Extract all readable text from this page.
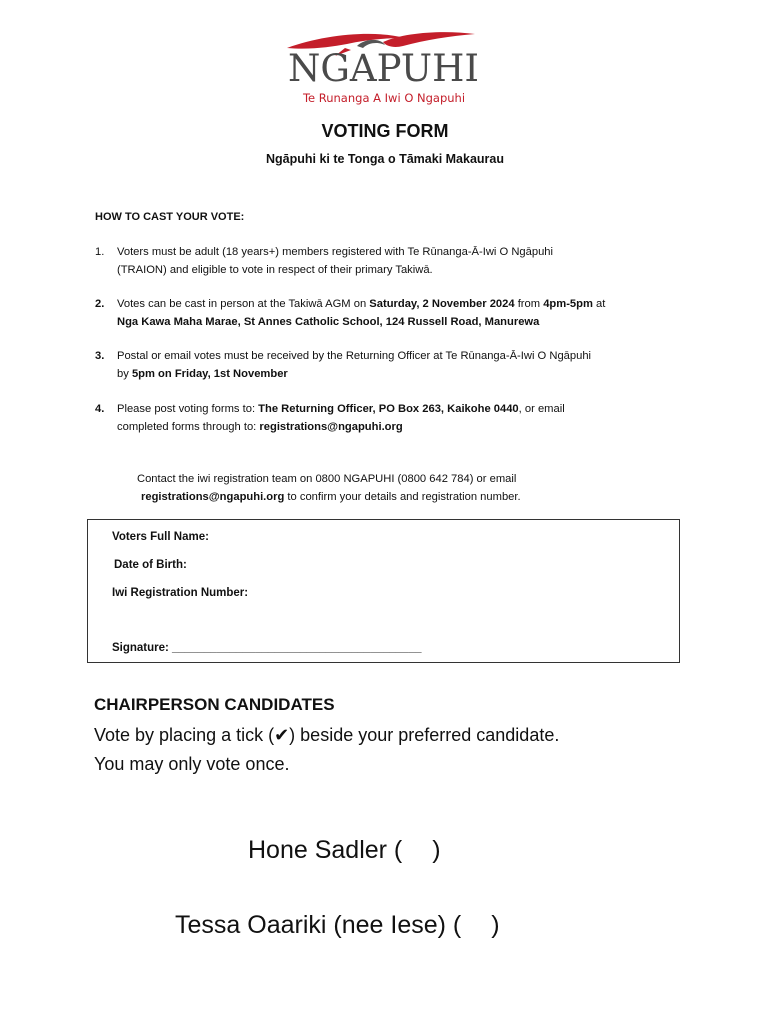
NGAPUHI
Te Runanga A Iwi O Ngapuhi
VOTING FORM
Ngāpuhi ki te Tonga o Tāmaki Makaurau
HOW TO CAST YOUR VOTE:
1.	Voters must be adult (18 years+) members registered with Te Rūnanga-Ā-Iwi O Ngāpuhi
(TRAION) and eligible to vote in respect of their primary Takiwā.
2.	Votes can be cast in person at the Takiwā AGM on Saturday, 2 November 2024 from 4pm-5pm at
Nga Kawa Maha Marae, St Annes Catholic School, 124 Russell Road, Manurewa
3.	Postal or email votes must be received by the Returning Officer at Te Rūnanga-Ā-Iwi O Ngāpuhi
by 5pm on Friday, 1st November
4.	Please post voting forms to: The Returning Officer, PO Box 263, Kaikohe 0440, or email
completed forms through to: registrations@ngapuhi.org
Contact the iwi registration team on 0800 NGAPUHI (0800 642 784) or email
registrations@ngapuhi.org to confirm your details and registration number.
Voters Full Name:
Date of Birth:
Iwi Registration Number:
Signature: _______________________________________
CHAIRPERSON CANDIDATES
Vote by placing a tick (✔) beside your preferred candidate.
You may only vote once.
Hone Sadler ( )
Tessa Oaariki (nee Iese) ( )
